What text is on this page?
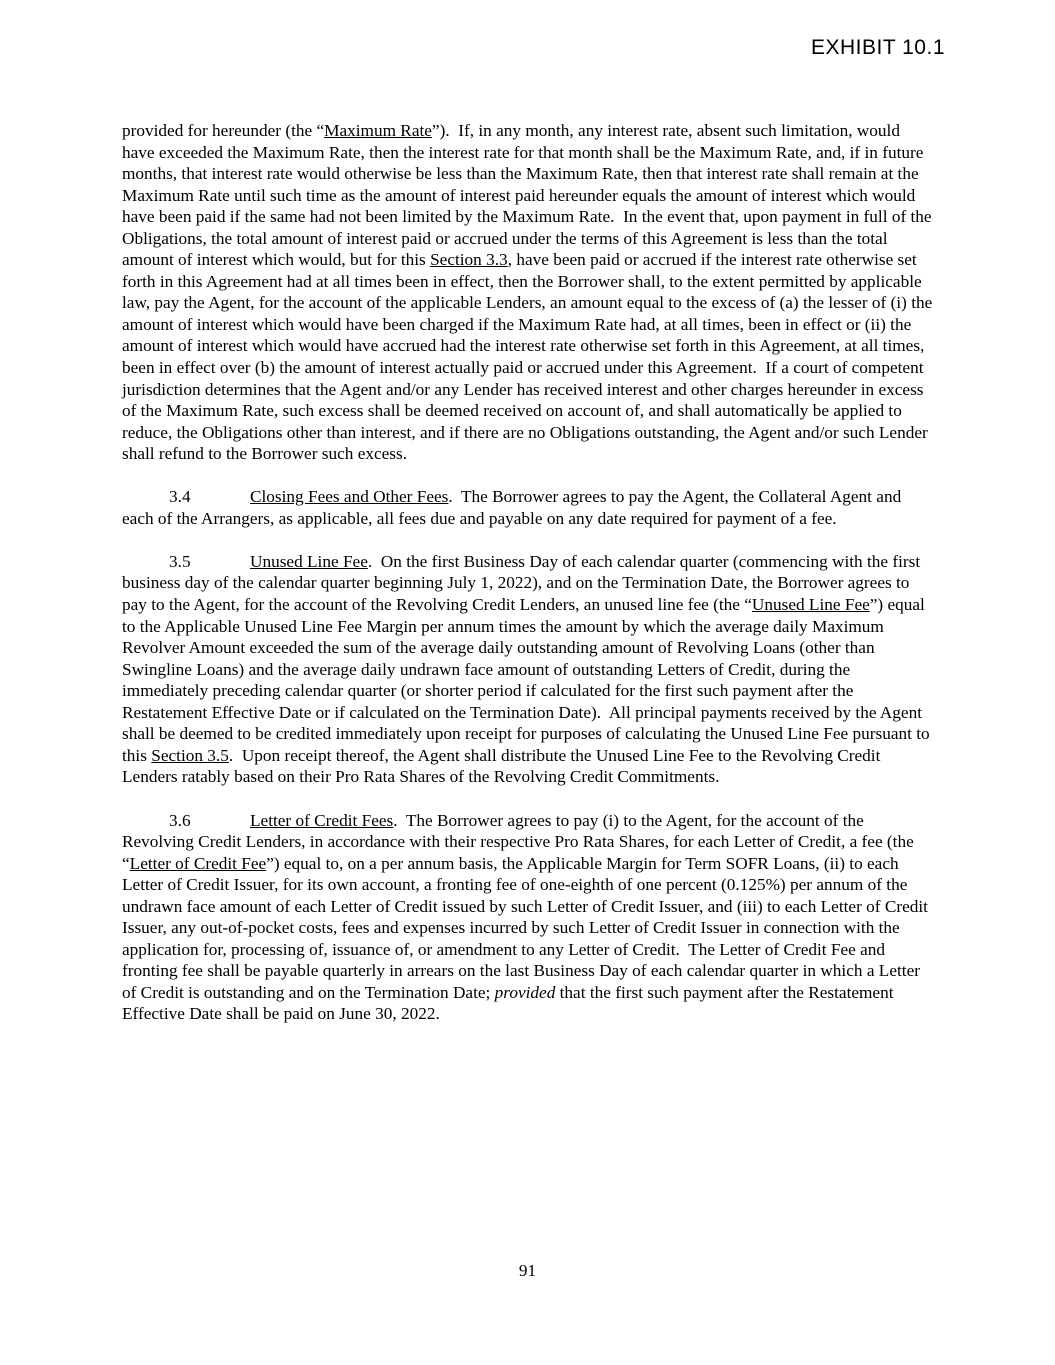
EXHIBIT 10.1

provided for hereunder (the “Maximum Rate”).  If, in any month, any interest rate, absent such limitation, would have exceeded the Maximum Rate, then the interest rate for that month shall be the Maximum Rate, and, if in future months, that interest rate would otherwise be less than the Maximum Rate, then that interest rate shall remain at the Maximum Rate until such time as the amount of interest paid hereunder equals the amount of interest which would have been paid if the same had not been limited by the Maximum Rate.  In the event that, upon payment in full of the Obligations, the total amount of interest paid or accrued under the terms of this Agreement is less than the total amount of interest which would, but for this Section 3.3, have been paid or accrued if the interest rate otherwise set forth in this Agreement had at all times been in effect, then the Borrower shall, to the extent permitted by applicable law, pay the Agent, for the account of the applicable Lenders, an amount equal to the excess of (a) the lesser of (i) the amount of interest which would have been charged if the Maximum Rate had, at all times, been in effect or (ii) the amount of interest which would have accrued had the interest rate otherwise set forth in this Agreement, at all times, been in effect over (b) the amount of interest actually paid or accrued under this Agreement.  If a court of competent jurisdiction determines that the Agent and/or any Lender has received interest and other charges hereunder in excess of the Maximum Rate, such excess shall be deemed received on account of, and shall automatically be applied to reduce, the Obligations other than interest, and if there are no Obligations outstanding, the Agent and/or such Lender shall refund to the Borrower such excess.

3.4	Closing Fees and Other Fees.  The Borrower agrees to pay the Agent, the Collateral Agent and each of the Arrangers, as applicable, all fees due and payable on any date required for payment of a fee.

3.5	Unused Line Fee.  On the first Business Day of each calendar quarter (commencing with the first business day of the calendar quarter beginning July 1, 2022), and on the Termination Date, the Borrower agrees to pay to the Agent, for the account of the Revolving Credit Lenders, an unused line fee (the “Unused Line Fee”) equal to the Applicable Unused Line Fee Margin per annum times the amount by which the average daily Maximum Revolver Amount exceeded the sum of the average daily outstanding amount of Revolving Loans (other than Swingline Loans) and the average daily undrawn face amount of outstanding Letters of Credit, during the immediately preceding calendar quarter (or shorter period if calculated for the first such payment after the Restatement Effective Date or if calculated on the Termination Date).  All principal payments received by the Agent shall be deemed to be credited immediately upon receipt for purposes of calculating the Unused Line Fee pursuant to this Section 3.5.  Upon receipt thereof, the Agent shall distribute the Unused Line Fee to the Revolving Credit Lenders ratably based on their Pro Rata Shares of the Revolving Credit Commitments.

3.6	Letter of Credit Fees.  The Borrower agrees to pay (i) to the Agent, for the account of the Revolving Credit Lenders, in accordance with their respective Pro Rata Shares, for each Letter of Credit, a fee (the “Letter of Credit Fee”) equal to, on a per annum basis, the Applicable Margin for Term SOFR Loans, (ii) to each Letter of Credit Issuer, for its own account, a fronting fee of one-eighth of one percent (0.125%) per annum of the undrawn face amount of each Letter of Credit issued by such Letter of Credit Issuer, and (iii) to each Letter of Credit Issuer, any out-of-pocket costs, fees and expenses incurred by such Letter of Credit Issuer in connection with the application for, processing of, issuance of, or amendment to any Letter of Credit.  The Letter of Credit Fee and fronting fee shall be payable quarterly in arrears on the last Business Day of each calendar quarter in which a Letter of Credit is outstanding and on the Termination Date; provided that the first such payment after the Restatement Effective Date shall be paid on June 30, 2022.

91
